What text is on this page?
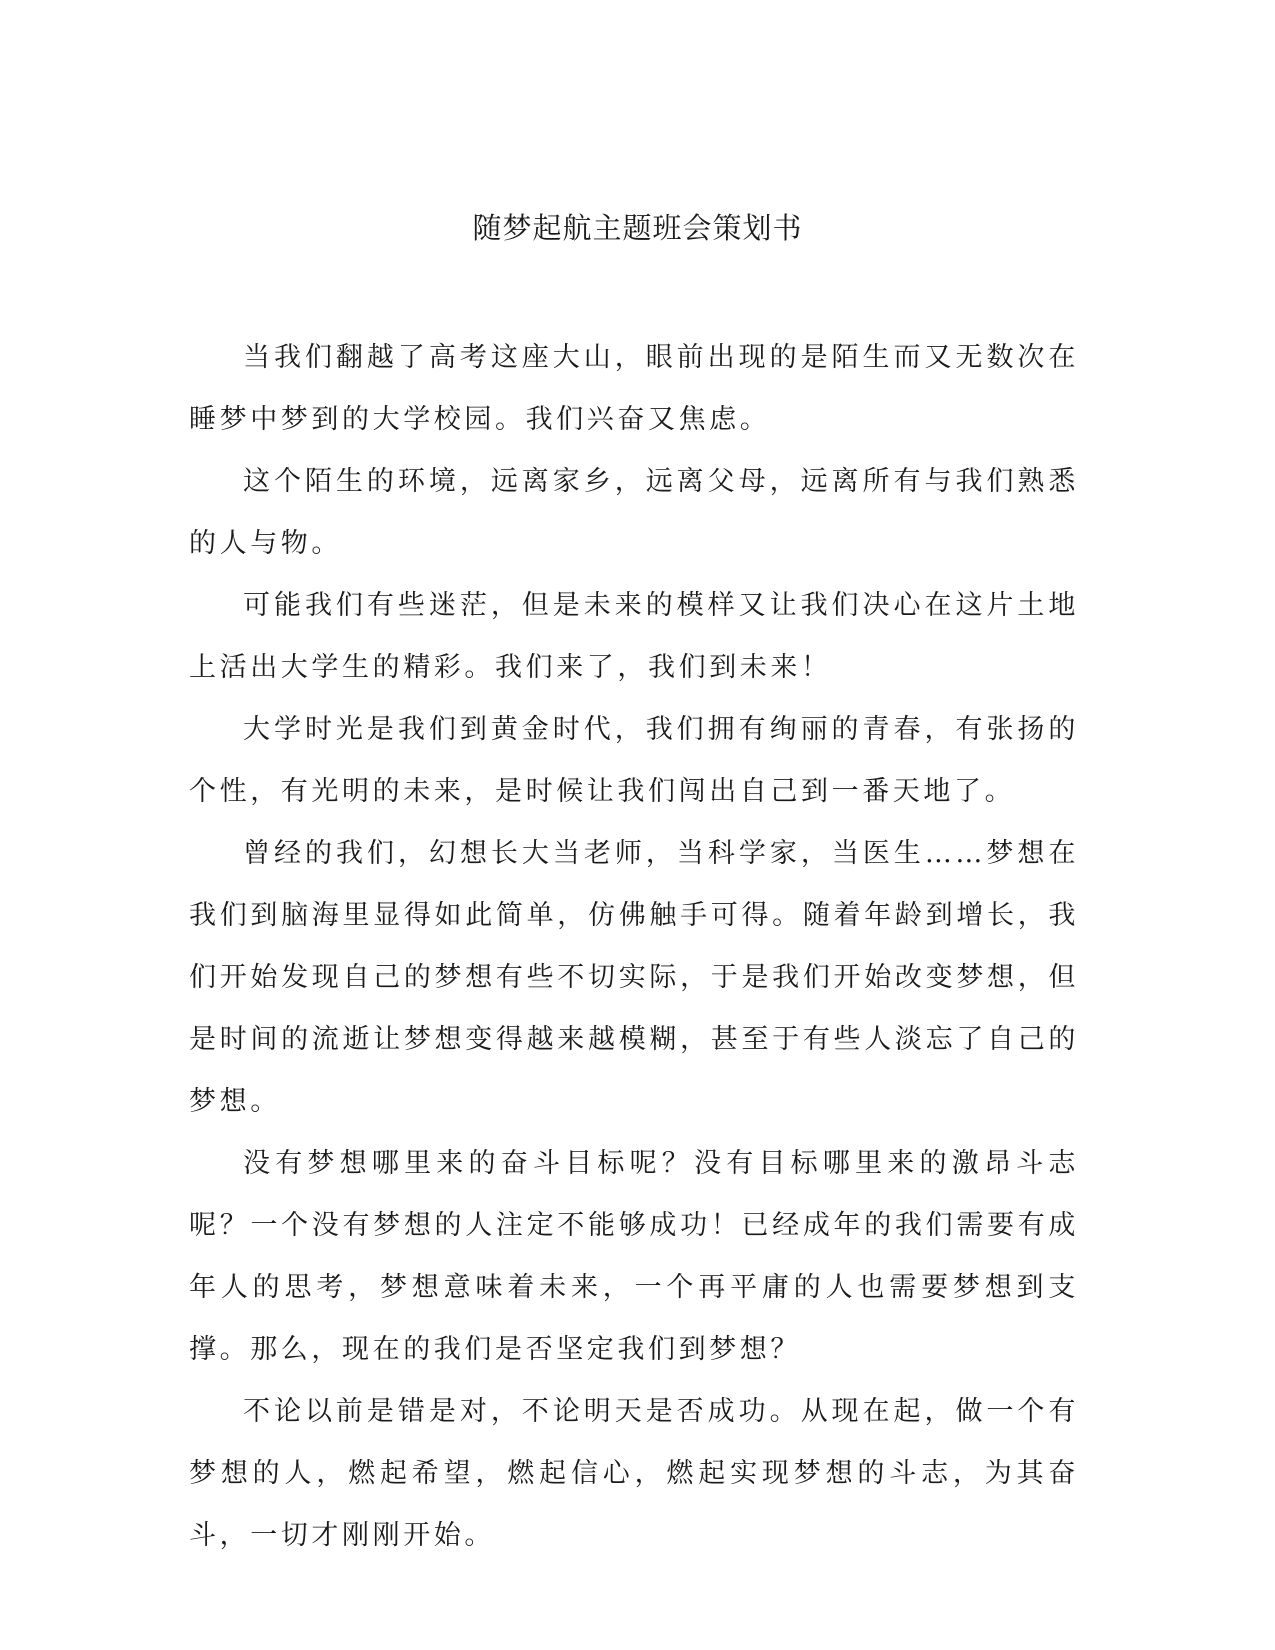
随梦起航主题班会策划书

当我们翻越了高考这座大山，眼前出现的是陌生而又无数次在睡梦中梦到的大学校园。我们兴奋又焦虑。

这个陌生的环境，远离家乡，远离父母，远离所有与我们熟悉的人与物。

可能我们有些迷茫，但是未来的模样又让我们决心在这片土地上活出大学生的精彩。我们来了，我们到未来！

大学时光是我们到黄金时代，我们拥有绚丽的青春，有张扬的个性，有光明的未来，是时候让我们闯出自己到一番天地了。

曾经的我们，幻想长大当老师，当科学家，当医生……梦想在我们到脑海里显得如此简单，仿佛触手可得。随着年龄到增长，我们开始发现自己的梦想有些不切实际，于是我们开始改变梦想，但是时间的流逝让梦想变得越来越模糊，甚至于有些人淡忘了自己的梦想。

没有梦想哪里来的奋斗目标呢？没有目标哪里来的激昂斗志呢？一个没有梦想的人注定不能够成功！已经成年的我们需要有成年人的思考，梦想意味着未来，一个再平庸的人也需要梦想到支撑。那么，现在的我们是否坚定我们到梦想？

不论以前是错是对，不论明天是否成功。从现在起，做一个有梦想的人，燃起希望，燃起信心，燃起实现梦想的斗志，为其奋斗，一切才刚刚开始。
